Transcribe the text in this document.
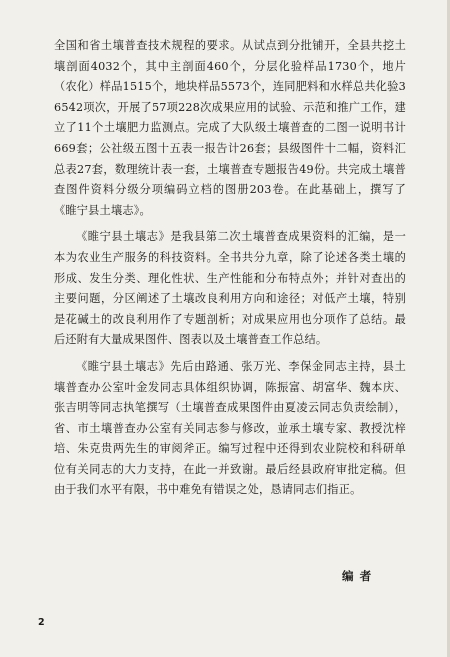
全国和省土壤普查技术规程的要求。从试点到分批铺开，全县共挖土壤剖面4032个，其中主剖面460个，分层化验样品1730个，地片（农化）样品1515个，地块样品5573个，连同肥料和水样总共化验36542项次，开展了57项228次成果应用的试验、示范和推广工作，建立了11个土壤肥力监测点。完成了大队级土壤普查的二图一说明书计669套；公社级五图十五表一报告计26套；县级图件十二幅，资料汇总表27套，数理统计表一套，土壤普查专题报告49份。共完成土壤普查图件资料分级分项编码立档的图册203卷。在此基础上，撰写了《睢宁县土壤志》。

《睢宁县土壤志》是我县第二次土壤普查成果资料的汇编，是一本为农业生产服务的科技资料。全书共分九章，除了论述各类土壤的形成、发生分类、理化性状、生产性能和分布特点外；并针对查出的主要问题，分区阐述了土壤改良利用方向和途径；对低产土壤，特别是花碱土的改良利用作了专题剖析；对成果应用也分项作了总结。最后还附有大量成果图件、图表以及土壤普查工作总结。

《睢宁县土壤志》先后由路通、张万光、李保金同志主持，县土壤普查办公室叶金发同志具体组织协调，陈振富、胡富华、魏本庆、张吉明等同志执笔撰写（土壤普查成果图件由夏凌云同志负责绘制），省、市土壤普查办公室有关同志参与修改，並承土壤专家、教授沈梓培、朱克贵两先生的审阅斧正。编写过程中还得到农业院校和科研单位有关同志的大力支持，在此一并致谢。最后经县政府审批定稿。但由于我们水平有限，书中难免有错误之处，恳请同志们指正。

编者
2
